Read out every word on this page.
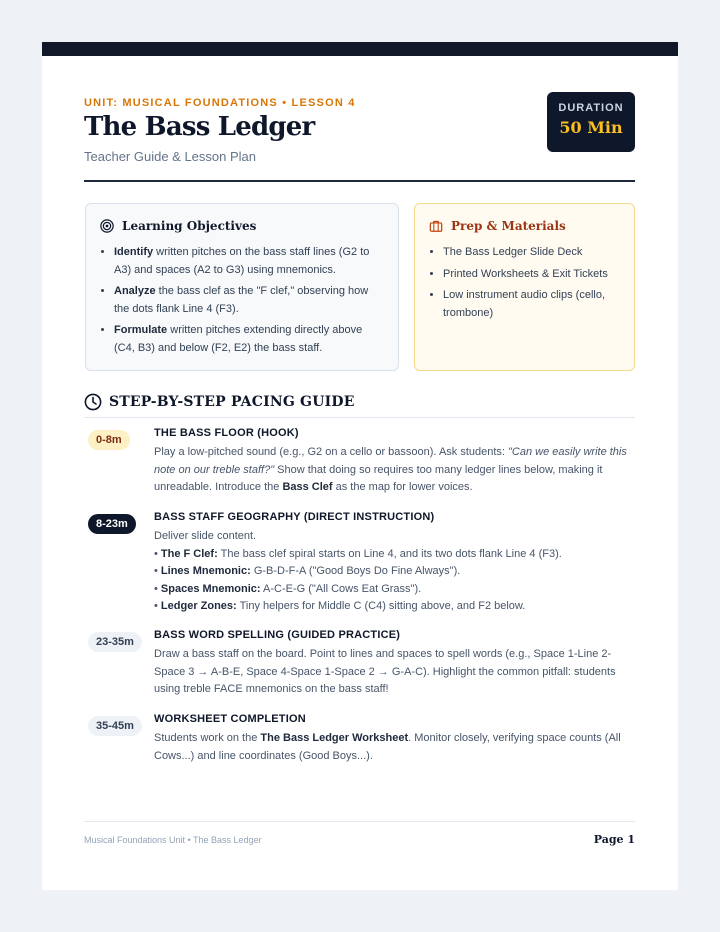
UNIT: MUSICAL FOUNDATIONS • LESSON 4
The Bass Ledger
Teacher Guide & Lesson Plan
DURATION
50 Min
Learning Objectives
• Identify written pitches on the bass staff lines (G2 to A3) and spaces (A2 to G3) using mnemonics.
• Analyze the bass clef as the "F clef," observing how the dots flank Line 4 (F3).
• Formulate written pitches extending directly above (C4, B3) and below (F2, E2) the bass staff.
Prep & Materials
• The Bass Ledger Slide Deck
• Printed Worksheets & Exit Tickets
• Low instrument audio clips (cello, trombone)
STEP-BY-STEP PACING GUIDE
0-8m
THE BASS FLOOR (HOOK)
Play a low-pitched sound (e.g., G2 on a cello or bassoon). Ask students: "Can we easily write this note on our treble staff?" Show that doing so requires too many ledger lines below, making it unreadable. Introduce the Bass Clef as the map for lower voices.
8-23m
BASS STAFF GEOGRAPHY (DIRECT INSTRUCTION)
Deliver slide content.
• The F Clef: The bass clef spiral starts on Line 4, and its two dots flank Line 4 (F3).
• Lines Mnemonic: G-B-D-F-A ("Good Boys Do Fine Always").
• Spaces Mnemonic: A-C-E-G ("All Cows Eat Grass").
• Ledger Zones: Tiny helpers for Middle C (C4) sitting above, and F2 below.
23-35m
BASS WORD SPELLING (GUIDED PRACTICE)
Draw a bass staff on the board. Point to lines and spaces to spell words (e.g., Space 1-Line 2-Space 3 → A-B-E, Space 4-Space 1-Space 2 → G-A-C). Highlight the common pitfall: students using treble FACE mnemonics on the bass staff!
35-45m
WORKSHEET COMPLETION
Students work on the The Bass Ledger Worksheet. Monitor closely, verifying space counts (All Cows...) and line coordinates (Good Boys...).
Musical Foundations Unit • The Bass Ledger	Page 1
